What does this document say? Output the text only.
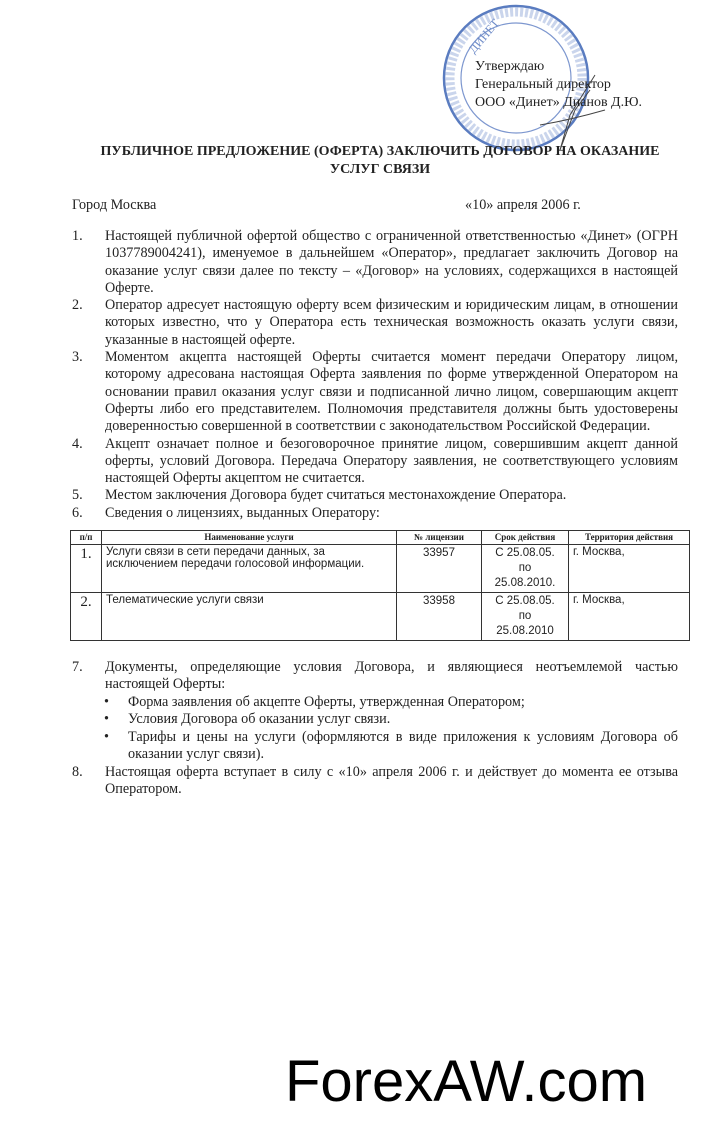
ДИНЕТ
Утверждаю
Генеральный директор
ООО «Динет» Дианов Д.Ю.
ПУБЛИЧНОЕ ПРЕДЛОЖЕНИЕ (ОФЕРТА) ЗАКЛЮЧИТЬ ДОГОВОР НА ОКАЗАНИЕ
УСЛУГ СВЯЗИ
Город Москва	«10» апреля 2006 г.
1. Настоящей публичной офертой общество с ограниченной ответственностью «Динет» (ОГРН 1037789004241), именуемое в дальнейшем «Оператор», предлагает заключить Договор на оказание услуг связи далее по тексту – «Договор» на условиях, содержащихся в настоящей Оферте.
2. Оператор адресует настоящую оферту всем физическим и юридическим лицам, в отношении которых известно, что у Оператора есть техническая возможность оказать услуги связи, указанные в настоящей оферте.
3. Моментом акцепта настоящей Оферты считается момент передачи Оператору лицом, которому адресована настоящая Оферта заявления по форме утвержденной Оператором на основании правил оказания услуг связи и подписанной лично лицом, совершающим акцепт Оферты либо его представителем. Полномочия представителя должны быть удостоверены доверенностью совершенной в соответствии с законодательством Российской Федерации.
4. Акцепт означает полное и безоговорочное принятие лицом, совершившим акцепт данной оферты, условий Договора. Передача Оператору заявления, не соответствующего условиям настоящей Оферты акцептом не считается.
5. Местом заключения Договора будет считаться местонахождение Оператора.
6. Сведения о лицензиях, выданных Оператору:
п/п	Наименование услуги	№ лицензии	Срок действия	Территория действия
1.	Услуги связи в сети передачи данных, за исключением передачи голосовой информации.	33957	С 25.08.05.
по
25.08.2010.	г. Москва,
2.	Телематические услуги связи	33958	С 25.08.05.
по
25.08.2010	г. Москва,
7. Документы, определяющие условия Договора, и являющиеся неотъемлемой частью настоящей Оферты:
• Форма заявления об акцепте Оферты, утвержденная Оператором;
• Условия Договора об оказании услуг связи.
• Тарифы и цены на услуги (оформляются в виде приложения к условиям Договора об оказании услуг связи).
8. Настоящая оферта вступает в силу с «10» апреля 2006 г. и действует до момента ее отзыва Оператором.
ForexAW.com
